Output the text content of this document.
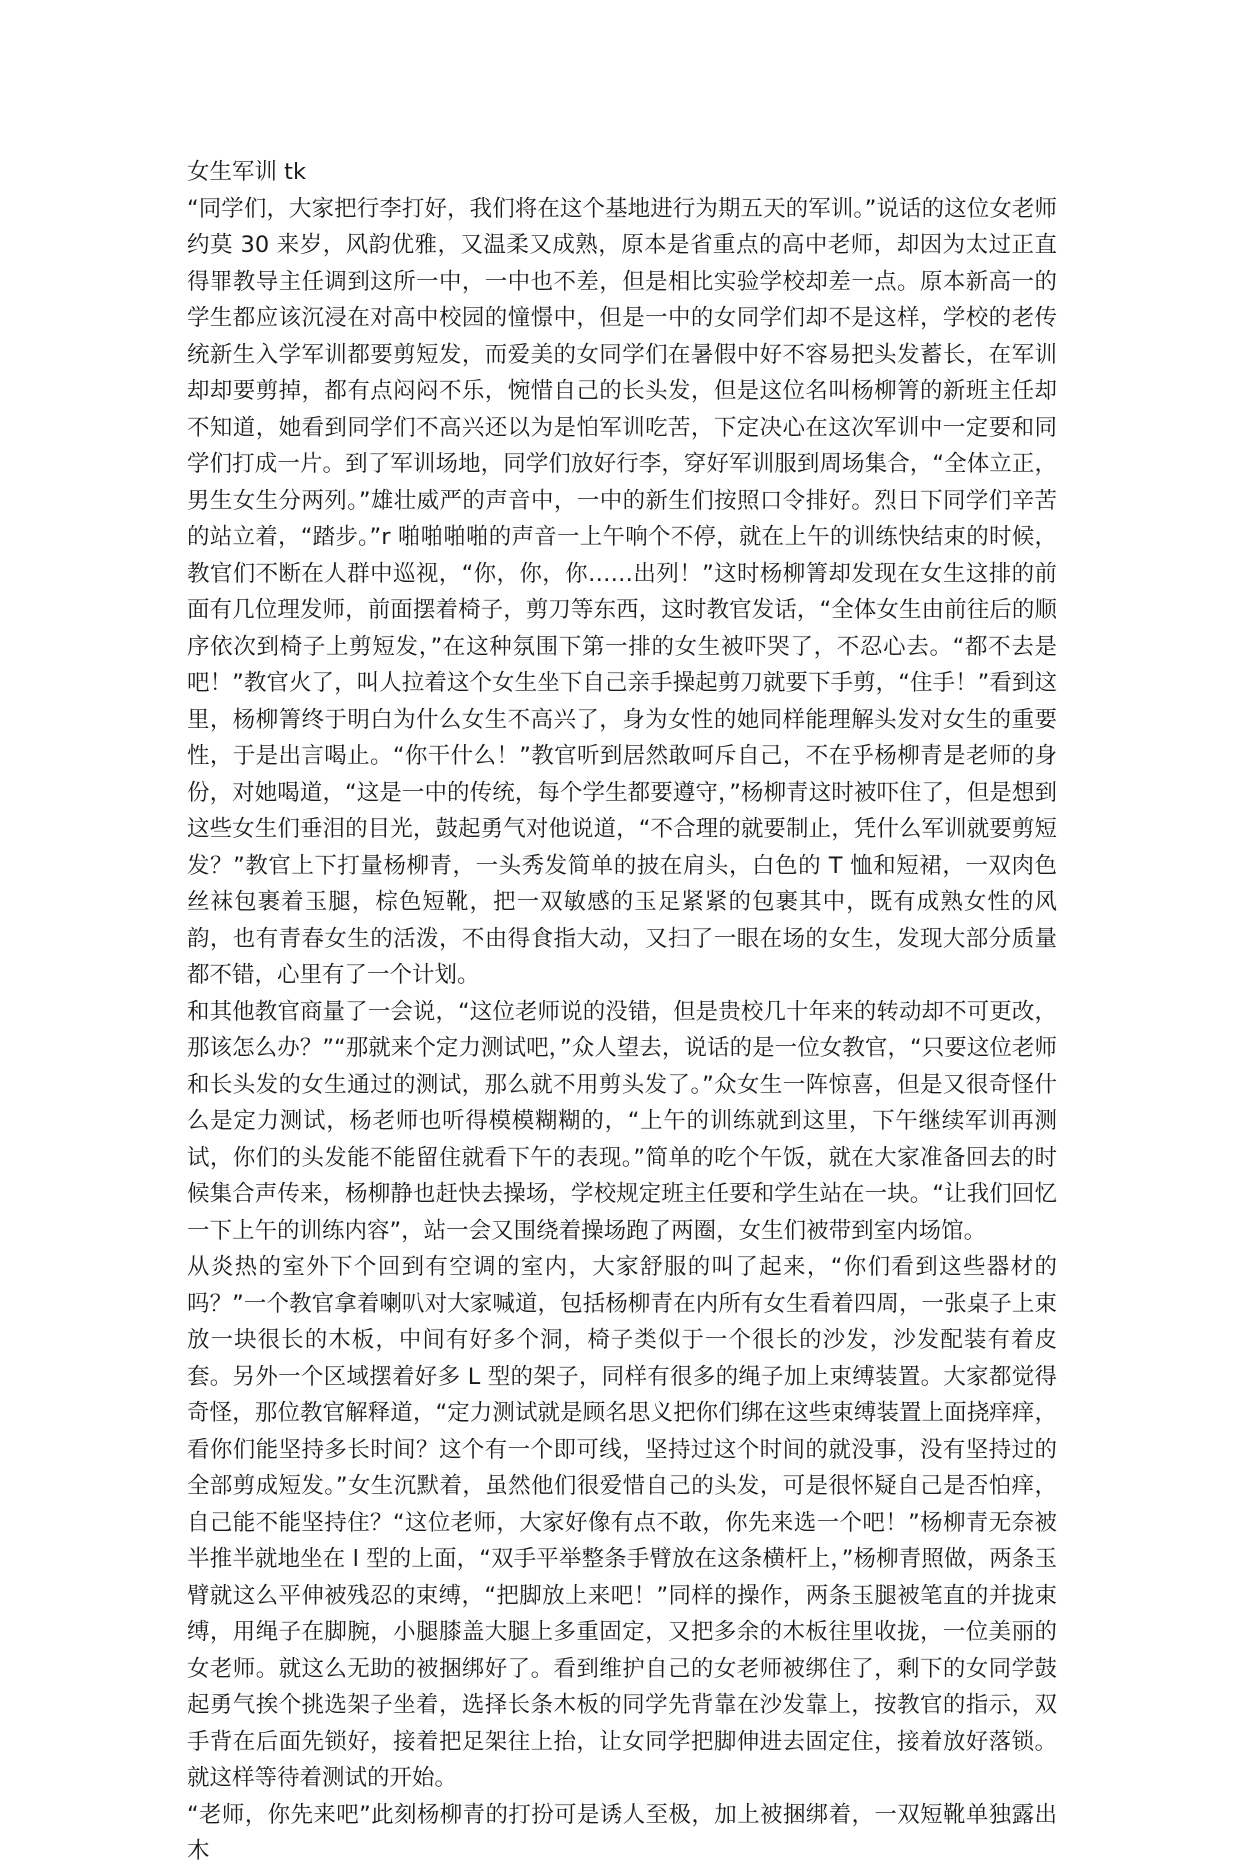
女生军训 tk

“同学们，大家把行李打好，我们将在这个基地进行为期五天的军训。”说话的这位女老师约莫 30 来岁，风韵优雅，又温柔又成熟，原本是省重点的高中老师，却因为太过正直得罪教导主任调到这所一中，一中也不差，但是相比实验学校却差一点。原本新高一的学生都应该沉浸在对高中校园的憧憬中，但是一中的女同学们却不是这样，学校的老传统新生入学军训都要剪短发，而爱美的女同学们在暑假中好不容易把头发蓄长，在军训却却要剪掉，都有点闷闷不乐，惋惜自己的长头发，但是这位名叫杨柳箐的新班主任却不知道，她看到同学们不高兴还以为是怕军训吃苦，下定决心在这次军训中一定要和同学们打成一片。到了军训场地，同学们放好行李，穿好军训服到周场集合，“全体立正，男生女生分两列。”雄壮威严的声音中，一中的新生们按照口令排好。烈日下同学们辛苦的站立着，“踏步。”r 啪啪啪啪的声音一上午响个不停，就在上午的训练快结束的时候，教官们不断在人群中巡视，“你，你，你……出列！”这时杨柳箐却发现在女生这排的前面有几位理发师，前面摆着椅子，剪刀等东西，这时教官发话，“全体女生由前往后的顺序依次到椅子上剪短发，”在这种氛围下第一排的女生被吓哭了，不忍心去。“都不去是吧！”教官火了，叫人拉着这个女生坐下自己亲手操起剪刀就要下手剪，“住手！”看到这里，杨柳箐终于明白为什么女生不高兴了，身为女性的她同样能理解头发对女生的重要性，于是出言喝止。“你干什么！”教官听到居然敢呵斥自己，不在乎杨柳青是老师的身份，对她喝道，“这是一中的传统，每个学生都要遵守，”杨柳青这时被吓住了，但是想到这些女生们垂泪的目光，鼓起勇气对他说道，“不合理的就要制止，凭什么军训就要剪短发？”教官上下打量杨柳青，一头秀发简单的披在肩头，白色的 T 恤和短裙，一双肉色丝袜包裹着玉腿，棕色短靴，把一双敏感的玉足紧紧的包裹其中，既有成熟女性的风韵，也有青春女生的活泼，不由得食指大动，又扫了一眼在场的女生，发现大部分质量都不错，心里有了一个计划。

和其他教官商量了一会说，“这位老师说的没错，但是贵校几十年来的转动却不可更改，那该怎么办？”“那就来个定力测试吧，”众人望去，说话的是一位女教官，“只要这位老师和长头发的女生通过的测试，那么就不用剪头发了。”众女生一阵惊喜，但是又很奇怪什么是定力测试，杨老师也听得模模糊糊的，“上午的训练就到这里，下午继续军训再测试，你们的头发能不能留住就看下午的表现。”简单的吃个午饭，就在大家准备回去的时候集合声传来，杨柳静也赶快去操场，学校规定班主任要和学生站在一块。“让我们回忆一下上午的训练内容”，站一会又围绕着操场跑了两圈，女生们被带到室内场馆。

从炎热的室外下个回到有空调的室内，大家舒服的叫了起来，“你们看到这些器材的吗？”一个教官拿着喇叭对大家喊道，包括杨柳青在内所有女生看着四周，一张桌子上束放一块很长的木板，中间有好多个洞，椅子类似于一个很长的沙发，沙发配装有着皮套。另外一个区域摆着好多 L 型的架子，同样有很多的绳子加上束缚装置。大家都觉得奇怪，那位教官解释道，“定力测试就是顾名思义把你们绑在这些束缚装置上面挠痒痒，看你们能坚持多长时间？这个有一个即可线，坚持过这个时间的就没事，没有坚持过的全部剪成短发。”女生沉默着，虽然他们很爱惜自己的头发，可是很怀疑自己是否怕痒，自己能不能坚持住？“这位老师，大家好像有点不敢，你先来选一个吧！”杨柳青无奈被半推半就地坐在 l 型的上面，“双手平举整条手臂放在这条横杆上，”杨柳青照做，两条玉臂就这么平伸被残忍的束缚，“把脚放上来吧！”同样的操作，两条玉腿被笔直的并拢束缚，用绳子在脚腕，小腿膝盖大腿上多重固定，又把多余的木板往里收拢，一位美丽的女老师。就这么无助的被捆绑好了。看到维护自己的女老师被绑住了，剩下的女同学鼓起勇气挨个挑选架子坐着，选择长条木板的同学先背靠在沙发靠上，按教官的指示，双手背在后面先锁好，接着把足架往上抬，让女同学把脚伸进去固定住，接着放好落锁。就这样等待着测试的开始。

“老师，你先来吧”此刻杨柳青的打扮可是诱人至极，加上被捆绑着，一双短靴单独露出木
